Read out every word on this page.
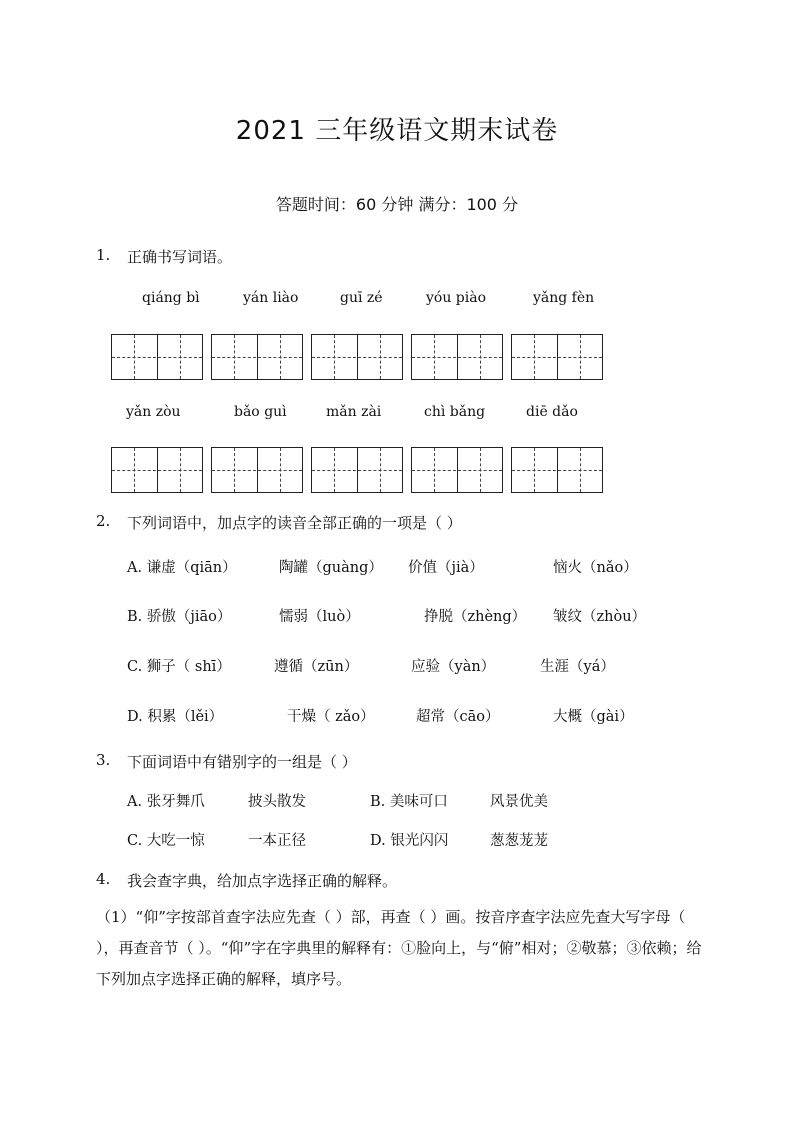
2021 三年级语文期末试卷
答题时间：60 分钟 满分：100 分
1. 正确书写词语。
qiáng bì	yán liào	guī zé	yóu piào	yǎng fèn
yǎn zòu	bǎo guì	mǎn zài	chì bǎng	diē dǎo
2. 下列词语中，加点字的读音全部正确的一项是（ ）
A. 谦虚（qiān）	陶罐（guàng） 价值（jià）	恼火（nǎo）
B. 骄傲（jiāo）	懦弱（luò）	挣脱（zhèng） 皱纹（zhòu）
C. 狮子（ shī）	遵循（zūn）	应验（yàn）	生涯（yá）
D. 积累（lěi）	干燥（ zǎo）	超常（cāo）	大概（gài）
3. 下面词语中有错别字的一组是（ ）
A. 张牙舞爪	披头散发	B. 美味可口	风景优美
C. 大吃一惊	一本正径	D. 银光闪闪	葱葱茏茏
4. 我会查字典，给加点字选择正确的解释。
（1）“仰”字按部首查字法应先查（ ）部，再查（ ）画。按音序查字法应先查大写字母（ ），再查音节（ ）。“仰”字在字典里的解释有：①脸向上，与“俯”相对；②敬慕；③依赖；给下列加点字选择正确的解释，填序号。
